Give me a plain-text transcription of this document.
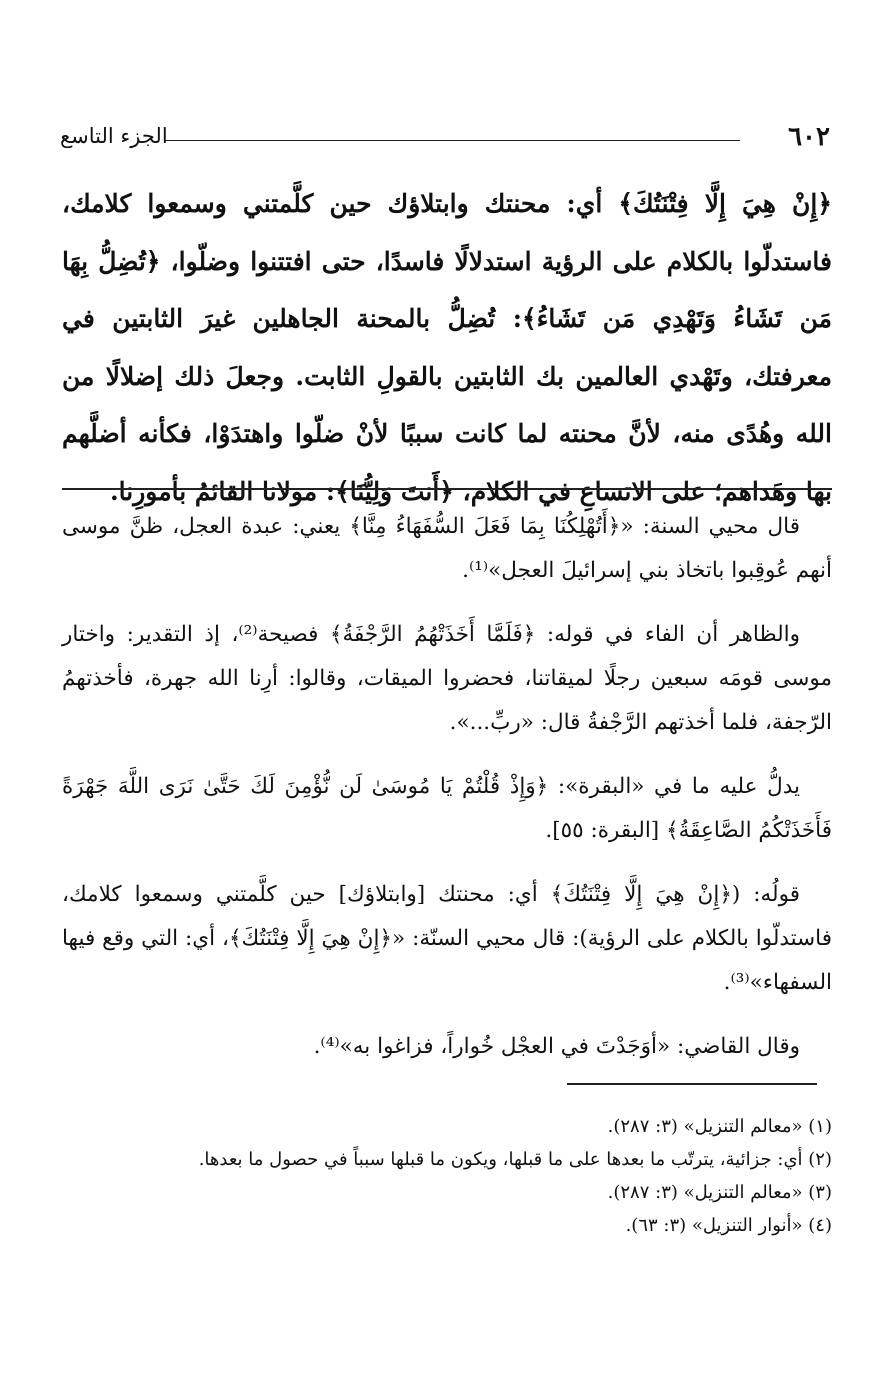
٦٠٢
الجزء التاسع

﴿إِنْ هِيَ إِلَّا فِتْنَتُكَ﴾ أي: محنتك وابتلاؤك حين كلَّمتني وسمعوا كلامك، فاستدلّوا بالكلام على الرؤية استدلالًا فاسدًا، حتى افتتنوا وضلّوا، ﴿تُضِلُّ بِهَا مَن تَشَاءُ وَتَهْدِي مَن تَشَاءُ﴾: تُضِلُّ بالمحنة الجاهلين غيرَ الثابتين في معرفتك، وتَهْدي العالمين بك الثابتين بالقولِ الثابت. وجعلَ ذلك إضلالًا من الله وهُدًى منه، لأنَّ محنته لما كانت سببًا لأنْ ضلّوا واهتدَوْا، فكأنه أضلَّهم بها وهَداهم؛ على الاتساعِ في الكلام، ﴿أَنتَ وَلِيُّنَا﴾: مولانا القائمُ بأمورِنا.

قال محيي السنة: «﴿أَتُهْلِكُنَا بِمَا فَعَلَ السُّفَهَاءُ مِنَّا﴾ يعني: عبدة العجل، ظنَّ موسى أنهم عُوقِبوا باتخاذ بني إسرائيلَ العجل»⁽¹⁾.

والظاهر أن الفاء في قوله: ﴿فَلَمَّا أَخَذَتْهُمُ الرَّجْفَةُ﴾ فصيحة⁽²⁾، إذ التقدير: واختار موسى قومَه سبعين رجلًا لميقاتنا، فحضروا الميقات، وقالوا: أرِنا الله جهرة، فأخذتهمُ الرّجفة، فلما أخذتهم الرَّجْفةُ قال: «ربِّ...».

يدلُّ عليه ما في «البقرة»: ﴿وَإِذْ قُلْتُمْ يَا مُوسَىٰ لَن نُّؤْمِنَ لَكَ حَتَّىٰ نَرَى اللَّهَ جَهْرَةً فَأَخَذَتْكُمُ الصَّاعِقَةُ﴾ [البقرة: ٥٥].

قولُه: (﴿إِنْ هِيَ إِلَّا فِتْنَتُكَ﴾ أي: محنتك [وابتلاؤك] حين كلَّمتني وسمعوا كلامك، فاستدلّوا بالكلام على الرؤية): قال محيي السنّة: «﴿إِنْ هِيَ إِلَّا فِتْنَتُكَ﴾، أي: التي وقع فيها السفهاء»⁽³⁾.

وقال القاضي: «أوَجَدْتَ في العجْل خُواراً، فزاغوا به»⁽⁴⁾.

(١) «معالم التنزيل» (٣: ٢٨٧).
(٢) أي: جزائية، يترتّب ما بعدها على ما قبلها، ويكون ما قبلها سبباً في حصول ما بعدها.
(٣) «معالم التنزيل» (٣: ٢٨٧).
(٤) «أنوار التنزيل» (٣: ٦٣).
